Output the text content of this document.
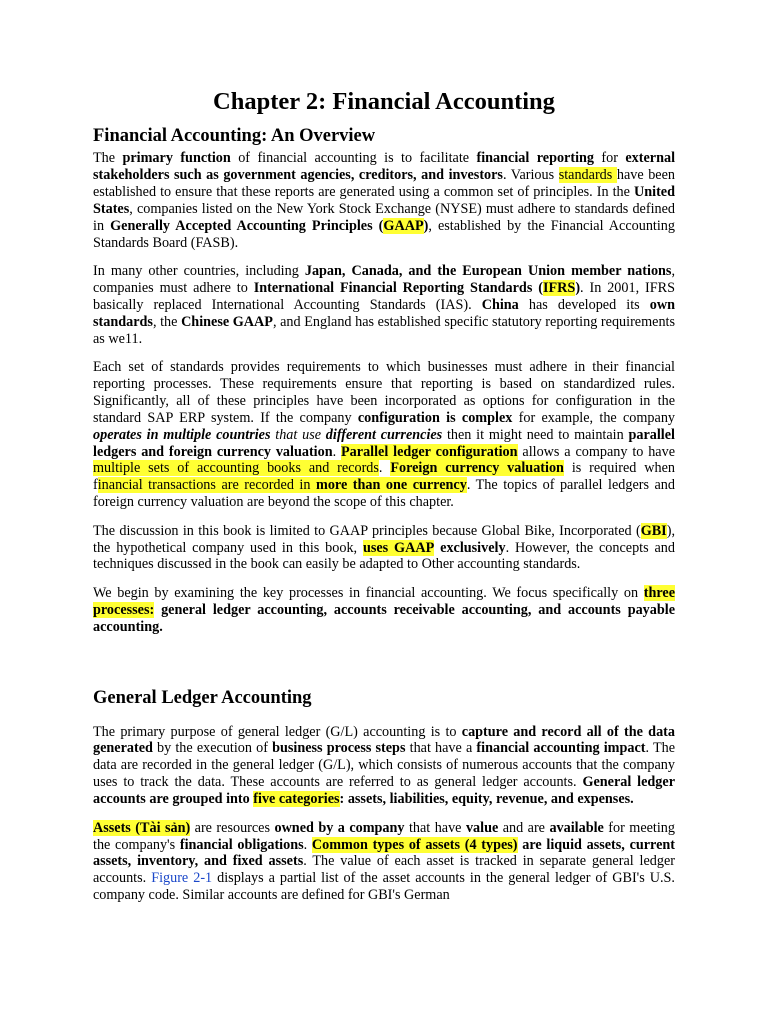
Chapter 2: Financial Accounting
Financial Accounting: An Overview

The primary function of financial accounting is to facilitate financial reporting for external stakeholders such as government agencies, creditors, and investors. Various standards have been established to ensure that these reports are generated using a common set of principles. In the United States, companies listed on the New York Stock Exchange (NYSE) must adhere to standards defined in Generally Accepted Accounting Principles (GAAP), established by the Financial Accounting Standards Board (FASB).

In many other countries, including Japan, Canada, and the European Union member nations, companies must adhere to International Financial Reporting Standards (IFRS). In 2001, IFRS basically replaced International Accounting Standards (IAS). China has developed its own standards, the Chinese GAAP, and England has established specific statutory reporting requirements as we11.

Each set of standards provides requirements to which businesses must adhere in their financial reporting processes. These requirements ensure that reporting is based on standardized rules. Significantly, all of these principles have been incorporated as options for configuration in the standard SAP ERP system. If the company configuration is complex for example, the company operates in multiple countries that use different currencies then it might need to maintain parallel ledgers and foreign currency valuation. Parallel ledger configuration allows a company to have multiple sets of accounting books and records. Foreign currency valuation is required when financial transactions are recorded in more than one currency. The topics of parallel ledgers and foreign currency valuation are beyond the scope of this chapter.

The discussion in this book is limited to GAAP principles because Global Bike, Incorporated (GBI), the hypothetical company used in this book, uses GAAP exclusively. However, the concepts and techniques discussed in the book can easily be adapted to Other accounting standards.

We begin by examining the key processes in financial accounting. We focus specifically on three processes: general ledger accounting, accounts receivable accounting, and accounts payable accounting.

General Ledger Accounting

The primary purpose of general ledger (G/L) accounting is to capture and record all of the data generated by the execution of business process steps that have a financial accounting impact. The data are recorded in the general ledger (G/L), which consists of numerous accounts that the company uses to track the data. These accounts are referred to as general ledger accounts. General ledger accounts are grouped into five categories: assets, liabilities, equity, revenue, and expenses.

Assets (Tài sản) are resources owned by a company that have value and are available for meeting the company's financial obligations. Common types of assets (4 types) are liquid assets, current assets, inventory, and fixed assets. The value of each asset is tracked in separate general ledger accounts. Figure 2-1 displays a partial list of the asset accounts in the general ledger of GBI's U.S. company code. Similar accounts are defined for GBI's German
